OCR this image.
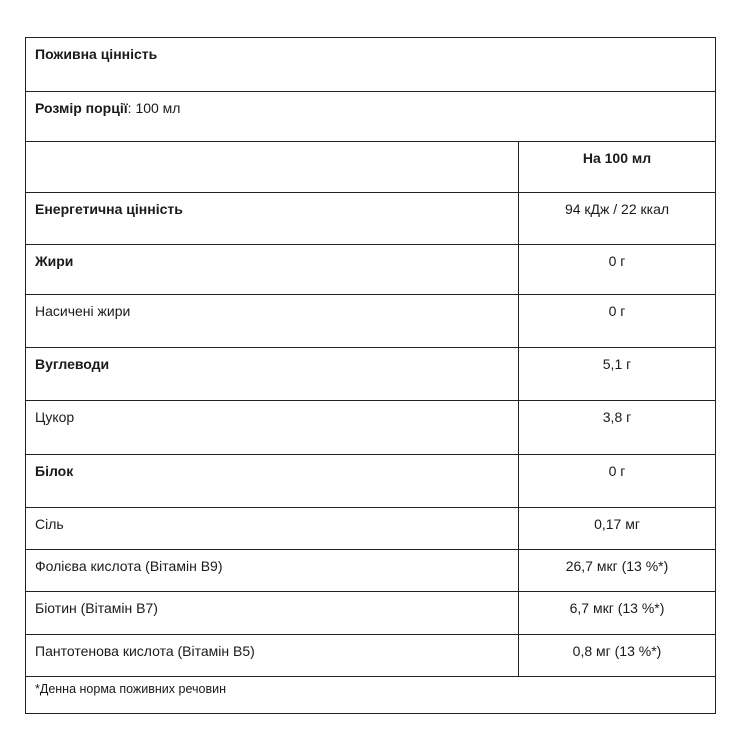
Поживна цінність
Розмір порції: 100 мл
На 100 мл
Енергетична цінність	94 кДж / 22 ккал
Жири	0 г
Насичені жири	0 г
Вуглеводи	5,1 г
Цукор	3,8 г
Білок	0 г
Сіль	0,17 мг
Фолієва кислота (Вітамін В9)	26,7 мкг (13 %*)
Біотин (Вітамін В7)	6,7 мкг (13 %*)
Пантотенова кислота (Вітамін В5)	0,8 мг (13 %*)
*Денна норма поживних речовин
